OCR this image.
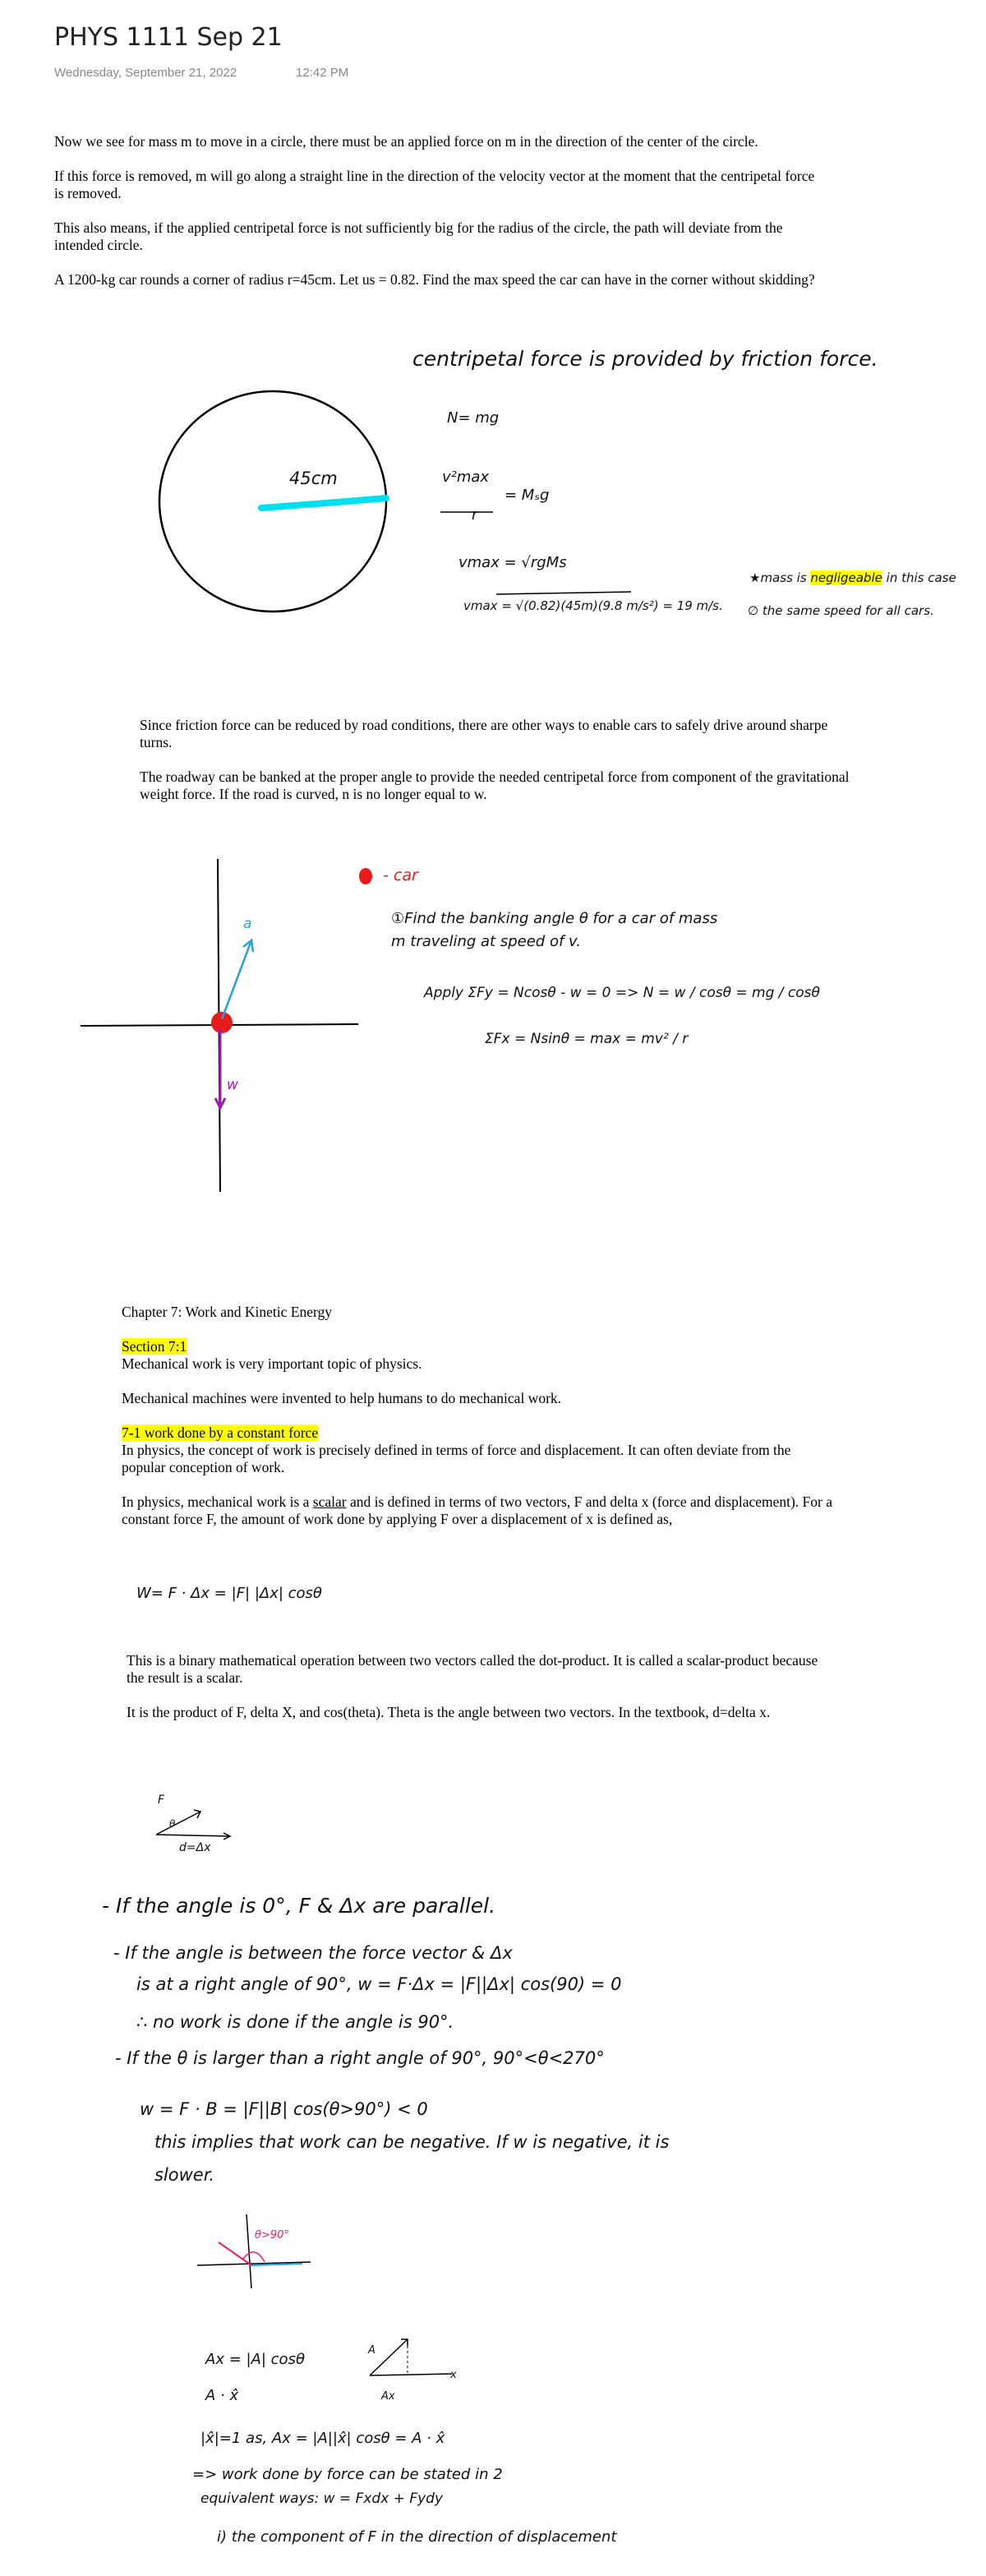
PHYS 1111 Sep 21
Wednesday, September 21, 2022	12:42 PM

Now we see for mass m to move in a circle, there must be an applied force on m in the direction of the center of the circle.

If this force is removed, m will go along a straight line in the direction of the velocity vector at the moment that the centripetal force is removed.

This also means, if the applied centripetal force is not sufficiently big for the radius of the circle, the path will deviate from the intended circle.

A 1200-kg car rounds a corner of radius r=45cm. Let us = 0.82. Find the max speed the car can have in the corner without skidding?

45cm
centripetal force is provided by friction force.
N= mg
v²max
r
= Mₛg
vmax = √rgMs
vmax = √(0.82)(45m)(9.8 m/s²) = 19 m/s.
★mass is negligeable in this case
∅ the same speed for all cars.

Since friction force can be reduced by road conditions, there are other ways to enable cars to safely drive around sharpe turns.

The roadway can be banked at the proper angle to provide the needed centripetal force from component of the gravitational weight force. If the road is curved, n is no longer equal to w.

a
w
- car
①Find the banking angle θ for a car of mass m traveling at speed of v.
Apply ΣFy = Ncosθ - w = 0 => N = w / cosθ = mg / cosθ
ΣFx = Nsinθ = max = mv² / r

Chapter 7: Work and Kinetic Energy

Section 7:1

Mechanical work is very important topic of physics.

Mechanical machines were invented to help humans to do mechanical work.

7-1 work done by a constant force

In physics, the concept of work is precisely defined in terms of force and displacement. It can often deviate from the popular conception of work.

In physics, mechanical work is a scalar and is defined in terms of two vectors, F and delta x (force and displacement). For a constant force F, the amount of work done by applying F over a displacement of x is defined as,

W= F · Δx = |F| |Δx| cosθ

This is a binary mathematical operation between two vectors called the dot-product. It is called a scalar-product because the result is a scalar.

It is the product of F, delta X, and cos(theta). Theta is the angle between two vectors. In the textbook, d=delta x.

F
θ
d=Δx
- If the angle is 0°, F & Δx are parallel.
- If the angle is between the force vector & Δx
is at a right angle of 90°, w = F·Δx = |F||Δx| cos(90) = 0
∴ no work is done if the angle is 90°.
- If the θ is larger than a right angle of 90°, 90°<θ<270°
w = F · B = |F||B| cos(θ>90°) < 0
this implies that work can be negative. If w is negative, it is
slower.
θ>90°
A
x
Ax
Ax = |A| cosθ
A · x̂
|x̂|=1 as, Ax = |A||x̂| cosθ = A · x̂
=> work done by force can be stated in 2
equivalent ways: w = Fxdx + Fydy
i) the component of F in the direction of displacement
